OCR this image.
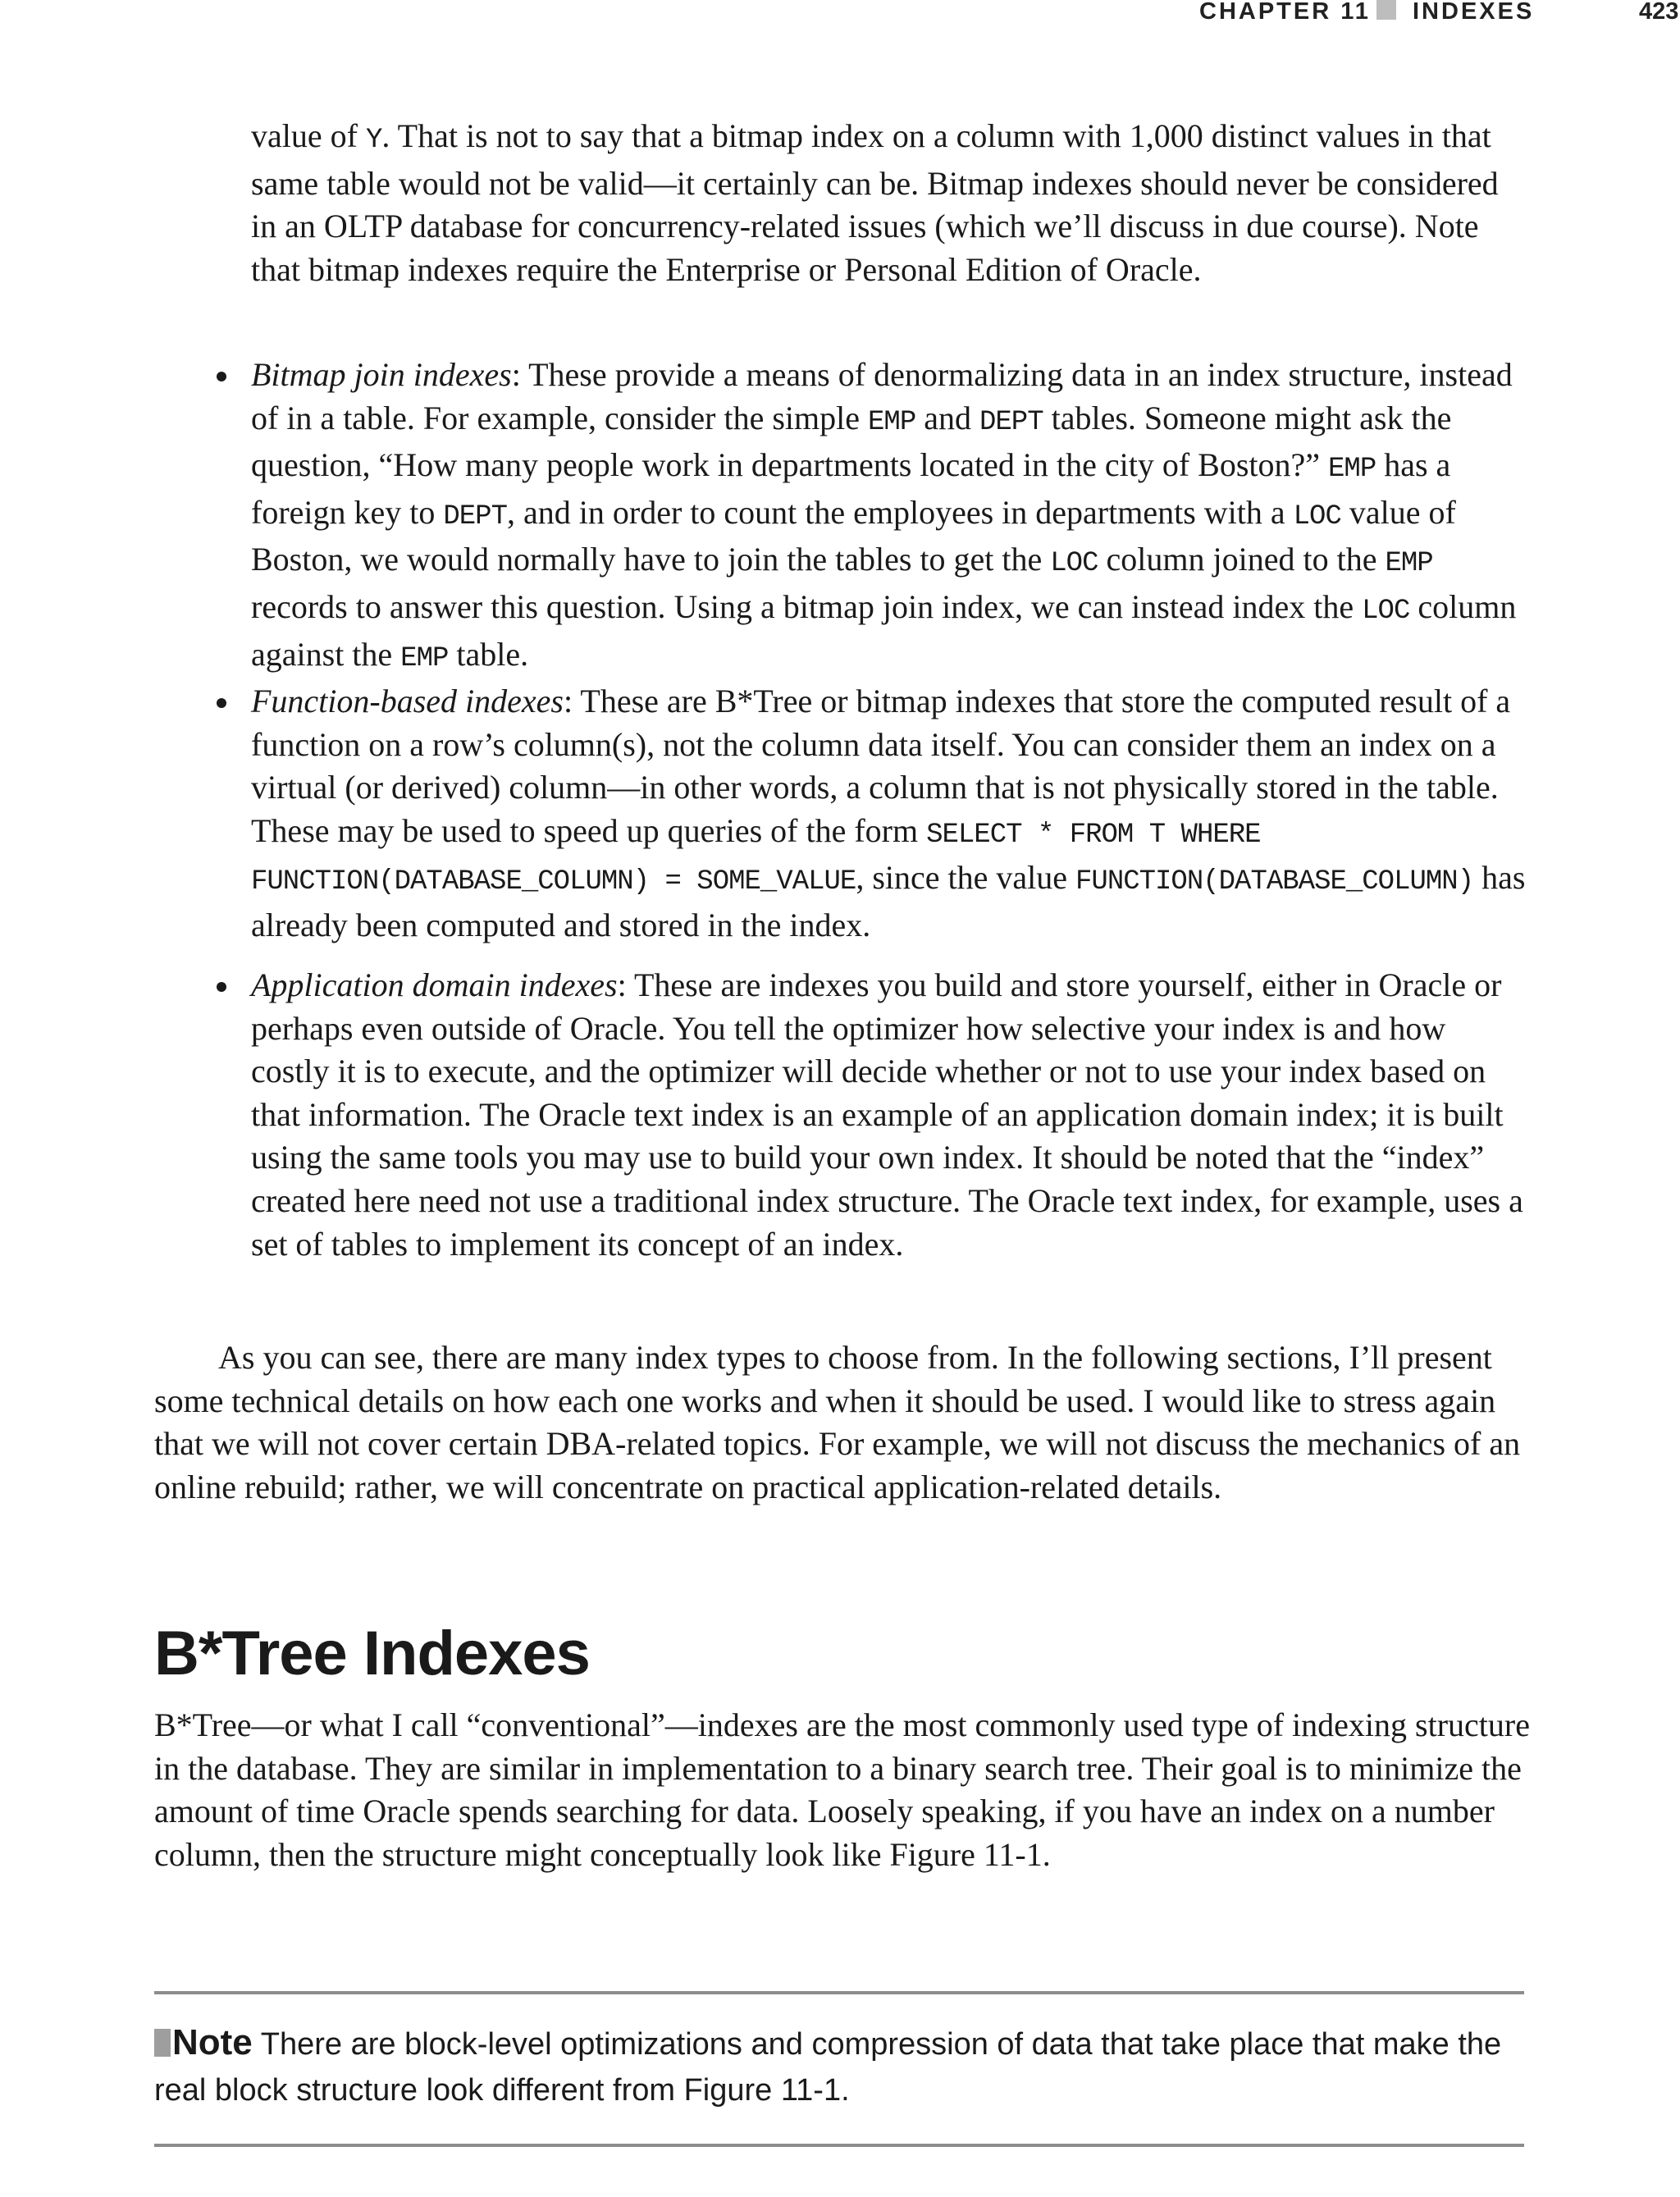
CHAPTER 11 INDEXES	423

value of Y. That is not to say that a bitmap index on a column with 1,000 distinct values in that same table would not be valid—it certainly can be. Bitmap indexes should never be considered in an OLTP database for concurrency-related issues (which we’ll discuss in due course). Note that bitmap indexes require the Enterprise or Personal Edition of Oracle.

Bitmap join indexes: These provide a means of denormalizing data in an index structure, instead of in a table. For example, consider the simple EMP and DEPT tables. Someone might ask the question, “How many people work in departments located in the city of Boston?” EMP has a foreign key to DEPT, and in order to count the employees in departments with a LOC value of Boston, we would normally have to join the tables to get the LOC column joined to the EMP records to answer this question. Using a bitmap join index, we can instead index the LOC column against the EMP table.

Function-based indexes: These are B*Tree or bitmap indexes that store the computed result of a function on a row’s column(s), not the column data itself. You can consider them an index on a virtual (or derived) column—in other words, a column that is not physically stored in the table. These may be used to speed up queries of the form SELECT * FROM T WHERE FUNCTION(DATABASE_COLUMN) = SOME_VALUE, since the value FUNCTION(DATABASE_COLUMN) has already been computed and stored in the index.

Application domain indexes: These are indexes you build and store yourself, either in Oracle or perhaps even outside of Oracle. You tell the optimizer how selective your index is and how costly it is to execute, and the optimizer will decide whether or not to use your index based on that information. The Oracle text index is an example of an application domain index; it is built using the same tools you may use to build your own index. It should be noted that the “index” created here need not use a traditional index structure. The Oracle text index, for example, uses a set of tables to implement its concept of an index.

As you can see, there are many index types to choose from. In the following sections, I’ll present some technical details on how each one works and when it should be used. I would like to stress again that we will not cover certain DBA-related topics. For example, we will not discuss the mechanics of an online rebuild; rather, we will concentrate on practical application-related details.

B*Tree Indexes

B*Tree—or what I call “conventional”—indexes are the most commonly used type of indexing structure in the database. They are similar in implementation to a binary search tree. Their goal is to minimize the amount of time Oracle spends searching for data. Loosely speaking, if you have an index on a number column, then the structure might conceptually look like Figure 11-1.

Note There are block-level optimizations and compression of data that take place that make the real block structure look different from Figure 11-1.
